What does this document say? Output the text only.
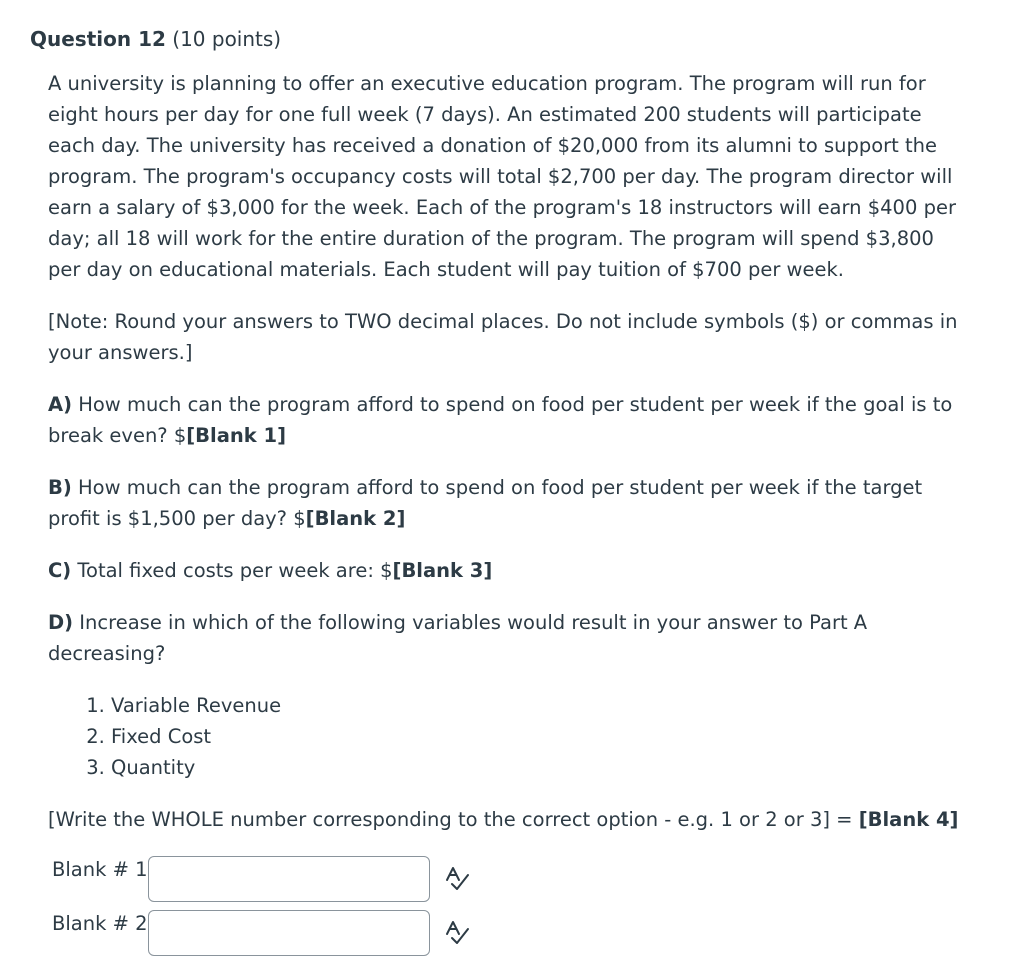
Question 12 (10 points)

A university is planning to offer an executive education program. The program will run for eight hours per day for one full week (7 days). An estimated 200 students will participate each day. The university has received a donation of $20,000 from its alumni to support the program. The program's occupancy costs will total $2,700 per day. The program director will earn a salary of $3,000 for the week. Each of the program's 18 instructors will earn $400 per day; all 18 will work for the entire duration of the program. The program will spend $3,800 per day on educational materials. Each student will pay tuition of $700 per week.

[Note: Round your answers to TWO decimal places. Do not include symbols ($) or commas in your answers.]

A) How much can the program afford to spend on food per student per week if the goal is to break even? $[Blank 1]

B) How much can the program afford to spend on food per student per week if the target profit is $1,500 per day? $[Blank 2]

C) Total fixed costs per week are: $[Blank 3]

D) Increase in which of the following variables would result in your answer to Part A decreasing?

1. Variable Revenue
2. Fixed Cost
3. Quantity

[Write the WHOLE number corresponding to the correct option - e.g. 1 or 2 or 3] = [Blank 4]

Blank # 1
Blank # 2
